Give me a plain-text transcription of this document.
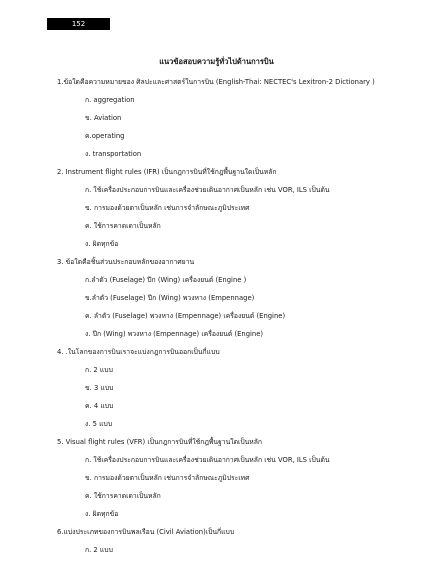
152
แนวข้อสอบความรู้ทั่วไปด้านการบิน
1.ข้อใดคือความหมายของ ศิลปะและศาสตร์ในการบิน (English-Thai: NECTEC's Lexitron-2 Dictionary )
ก. aggregation
ข. Aviation
ค.operating
ง. transportation
2. Instrument flight rules (IFR) เป็นกฎการบินที่ใช้กฎพื้นฐานใดเป็นหลัก
ก. ใช้เครื่องประกอบการบินและเครื่องช่วยเดินอากาศเป็นหลัก เช่น VOR, ILS เป็นต้น
ข. การมองด้วยตาเป็นหลัก เช่นการจำลักษณะภูมิประเทศ
ค. ใช้การคาดเดาเป็นหลัก
ง. ผิดทุกข้อ
3. ข้อใดคือชิ้นส่วนประกอบหลักของอากาศยาน
ก.ลำตัว (Fuselage) ปีก (Wing) เครื่องยนต์ (Engine )
ข.ลำตัว (Fuselage) ปีก (Wing) พวงหาง (Empennage)
ค. ลำตัว (Fuselage) พวงหาง (Empennage) เครื่องยนต์ (Engine)
ง. ปีก (Wing) พวงหาง (Empennage) เครื่องยนต์ (Engine)
4. .ในโลกของการบินเราจะแบ่งกฎการบินออกเป็นกี่แบบ
ก. 2 แบบ
ข. 3 แบบ
ค. 4 แบบ
ง. 5 แบบ
5. Visual flight rules (VFR) เป็นกฎการบินที่ใช้กฎพื้นฐานใดเป็นหลัก
ก. ใช้เครื่องประกอบการบินและเครื่องช่วยเดินอากาศเป็นหลัก เช่น VOR, ILS เป็นต้น
ข. การมองด้วยตาเป็นหลัก เช่นการจำลักษณะภูมิประเทศ
ค. ใช้การคาดเดาเป็นหลัก
ง. ผิดทุกข้อ
6.แบ่งประเภทของการบินพลเรือน (Civil Aviation)เป็นกี่แบบ
ก. 2 แบบ
